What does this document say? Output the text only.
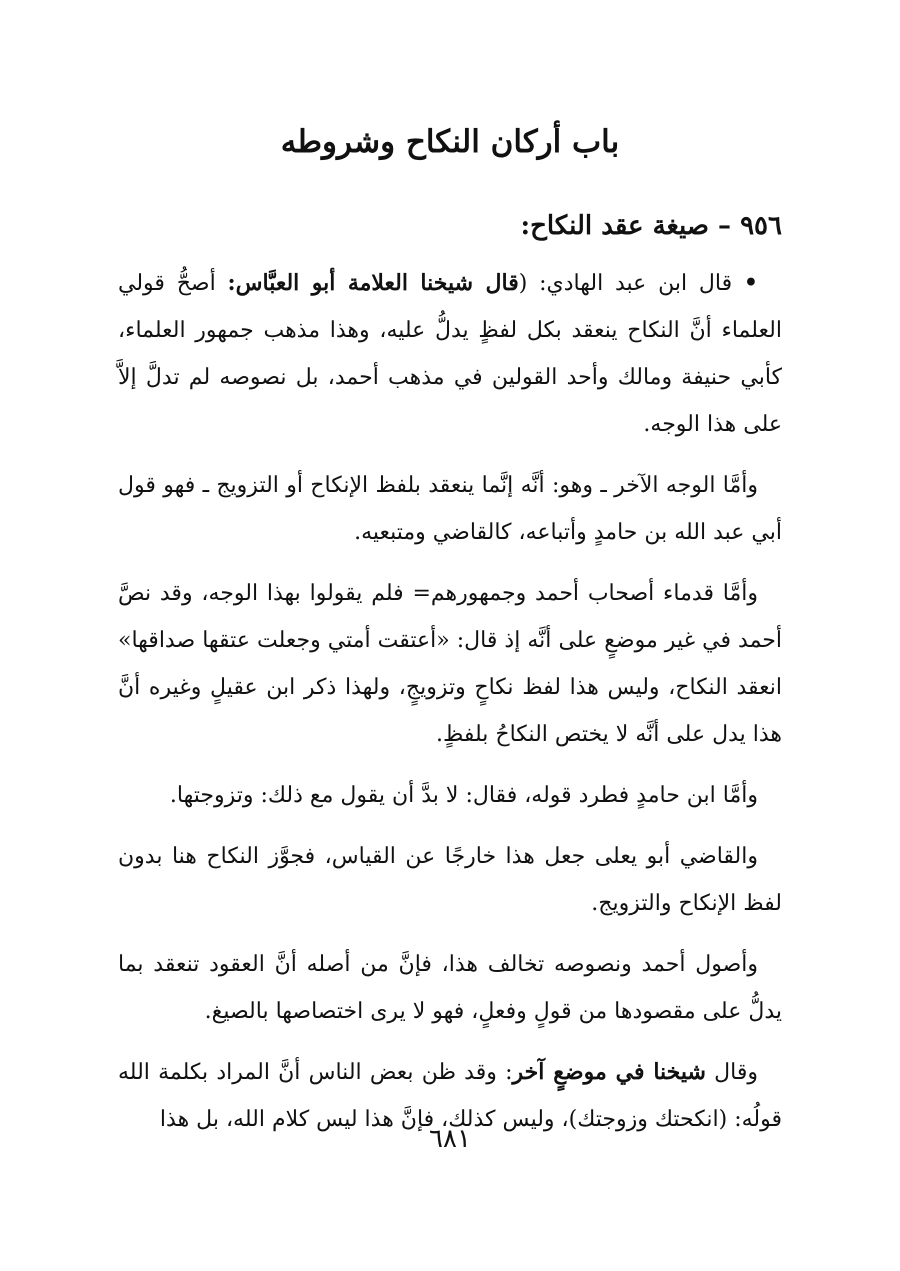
باب أركان النكاح وشروطه
٩٥٦ – صيغة عقد النكاح:

• قال ابن عبد الهادي: (قال شيخنا العلامة أبو العبَّاس: أصحُّ قولي العلماء أنَّ النكاح ينعقد بكل لفظٍ يدلُّ عليه، وهذا مذهب جمهور العلماء، كأبي حنيفة ومالك وأحد القولين في مذهب أحمد، بل نصوصه لم تدلَّ إلاَّ على هذا الوجه.

وأمَّا الوجه الآخر ـ وهو: أنَّه إنَّما ينعقد بلفظ الإنكاح أو التزويج ـ فهو قول أبي عبد الله بن حامدٍ وأتباعه، كالقاضي ومتبعيه.

وأمَّا قدماء أصحاب أحمد وجمهورهم= فلم يقولوا بهذا الوجه، وقد نصَّ أحمد في غير موضعٍ على أنَّه إذ قال: «أعتقت أمتي وجعلت عتقها صداقها» انعقد النكاح، وليس هذا لفظ نكاحٍ وتزويجٍ، ولهذا ذكر ابن عقيلٍ وغيره أنَّ هذا يدل على أنَّه لا يختص النكاحُ بلفظٍ.

وأمَّا ابن حامدٍ فطرد قوله، فقال: لا بدَّ أن يقول مع ذلك: وتزوجتها.

والقاضي أبو يعلى جعل هذا خارجًا عن القياس، فجوَّز النكاح هنا بدون لفظ الإنكاح والتزويج.

وأصول أحمد ونصوصه تخالف هذا، فإنَّ من أصله أنَّ العقود تنعقد بما يدلُّ على مقصودها من قولٍ وفعلٍ، فهو لا يرى اختصاصها بالصيغ.

وقال شيخنا في موضعٍ آخر: وقد ظن بعض الناس أنَّ المراد بكلمة الله قولُه: (انكحتك وزوجتك)، وليس كذلك، فإنَّ هذا ليس كلام الله، بل هذا

٦٨١
